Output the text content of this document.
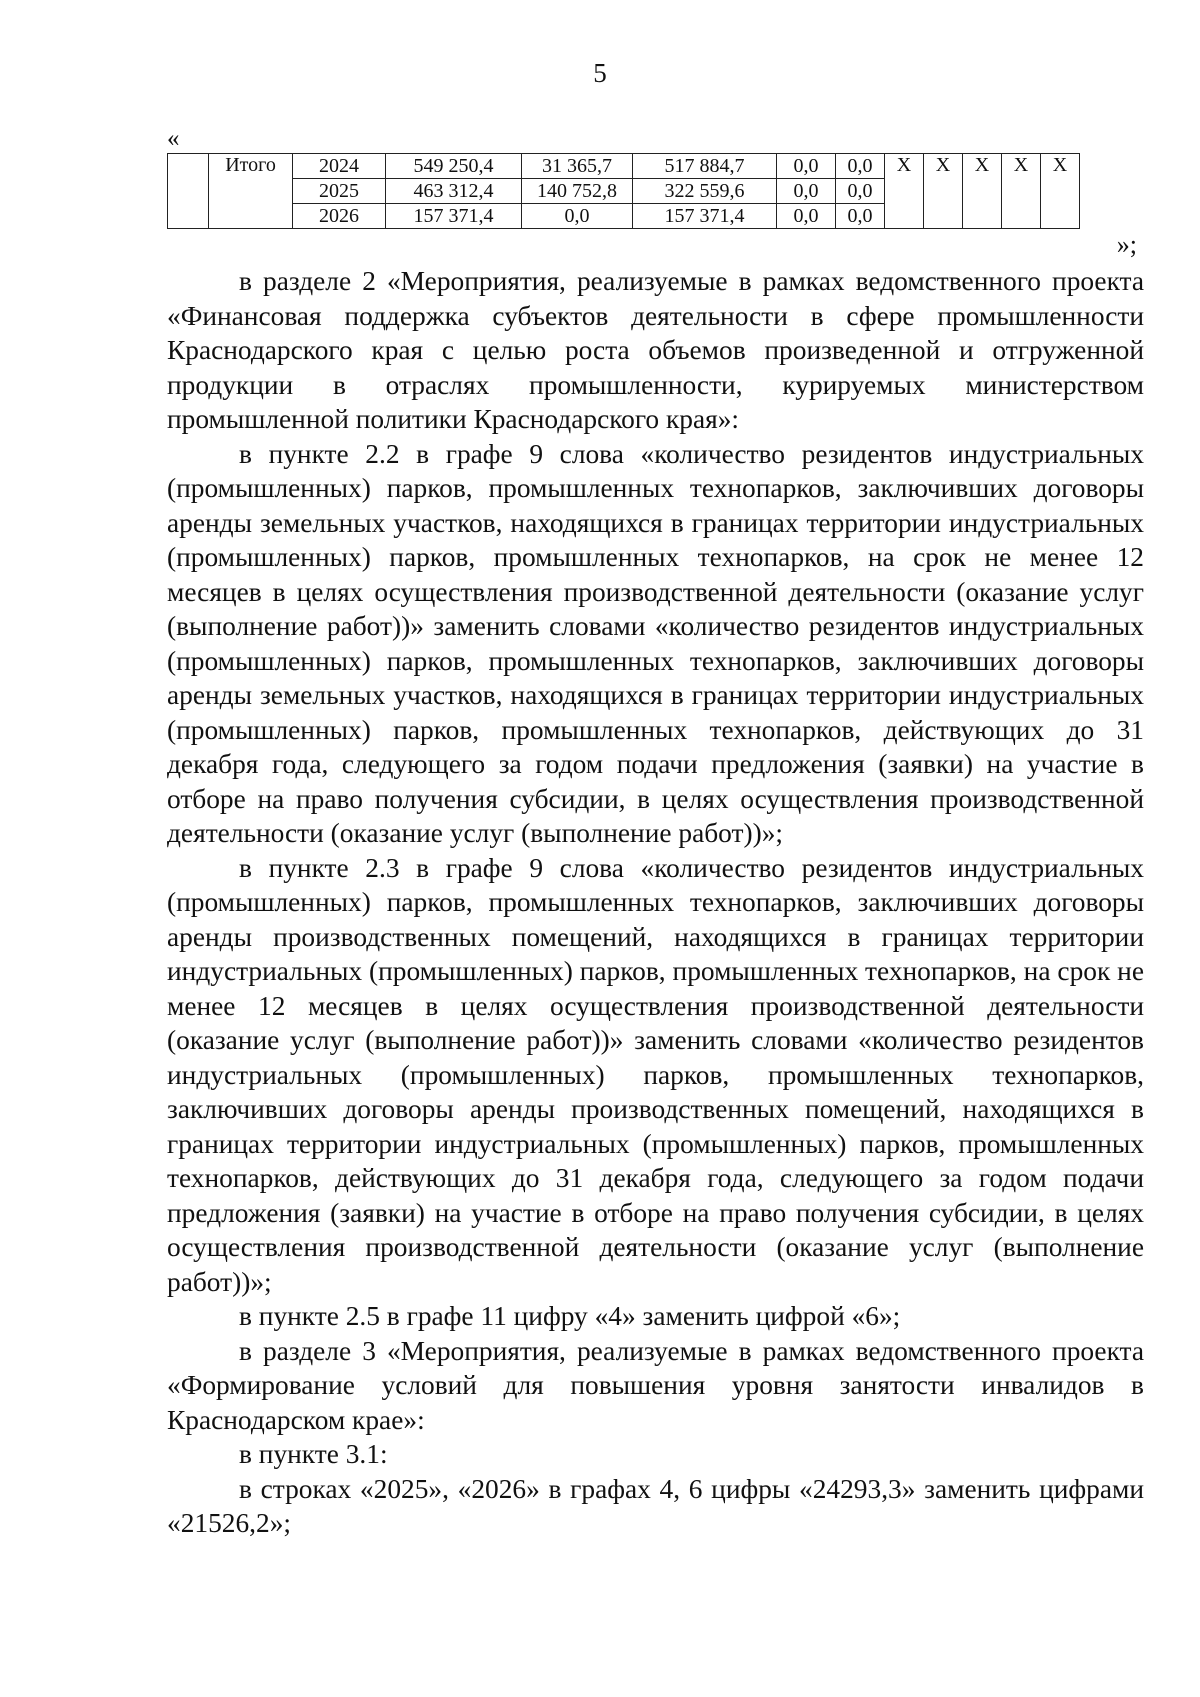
5
«
	Итого	2024	549 250,4	31 365,7	517 884,7	0,0	0,0	Х	Х	Х	Х	Х
		2025	463 312,4	140 752,8	322 559,6	0,0	0,0					
		2026	157 371,4	0,0	157 371,4	0,0	0,0					
»;

в разделе 2 «Мероприятия, реализуемые в рамках ведомственного проекта «Финансовая поддержка субъектов деятельности в сфере промышленности Краснодарского края с целью роста объемов произведенной и отгруженной продукции в отраслях промышленности, курируемых министерством промышленной политики Краснодарского края»:

в пункте 2.2 в графе 9 слова «количество резидентов индустриальных (промышленных) парков, промышленных технопарков, заключивших договоры аренды земельных участков, находящихся в границах территории индустриальных (промышленных) парков, промышленных технопарков, на срок не менее 12 месяцев в целях осуществления производственной деятельности (оказание услуг (выполнение работ))» заменить словами «количество резидентов индустриальных (промышленных) парков, промышленных технопарков, заключивших договоры аренды земельных участков, находящихся в границах территории индустриальных (промышленных) парков, промышленных технопарков, действующих до 31 декабря года, следующего за годом подачи предложения (заявки) на участие в отборе на право получения субсидии, в целях осуществления производственной деятельности (оказание услуг (выполнение работ))»;

в пункте 2.3 в графе 9 слова «количество резидентов индустриальных (промышленных) парков, промышленных технопарков, заключивших договоры аренды производственных помещений, находящихся в границах территории индустриальных (промышленных) парков, промышленных технопарков, на срок не менее 12 месяцев в целях осуществления производственной деятельности (оказание услуг (выполнение работ))» заменить словами «количество резидентов индустриальных (промышленных) парков, промышленных технопарков, заключивших договоры аренды производственных помещений, находящихся в границах территории индустриальных (промышленных) парков, промышленных технопарков, действующих до 31 декабря года, следующего за годом подачи предложения (заявки) на участие в отборе на право получения субсидии, в целях осуществления производственной деятельности (оказание услуг (выполнение работ))»;

в пункте 2.5 в графе 11 цифру «4» заменить цифрой «6»;

в разделе 3 «Мероприятия, реализуемые в рамках ведомственного проекта «Формирование условий для повышения уровня занятости инвалидов в Краснодарском крае»:

в пункте 3.1:

в строках «2025», «2026» в графах 4, 6 цифры «24293,3» заменить цифрами «21526,2»;
